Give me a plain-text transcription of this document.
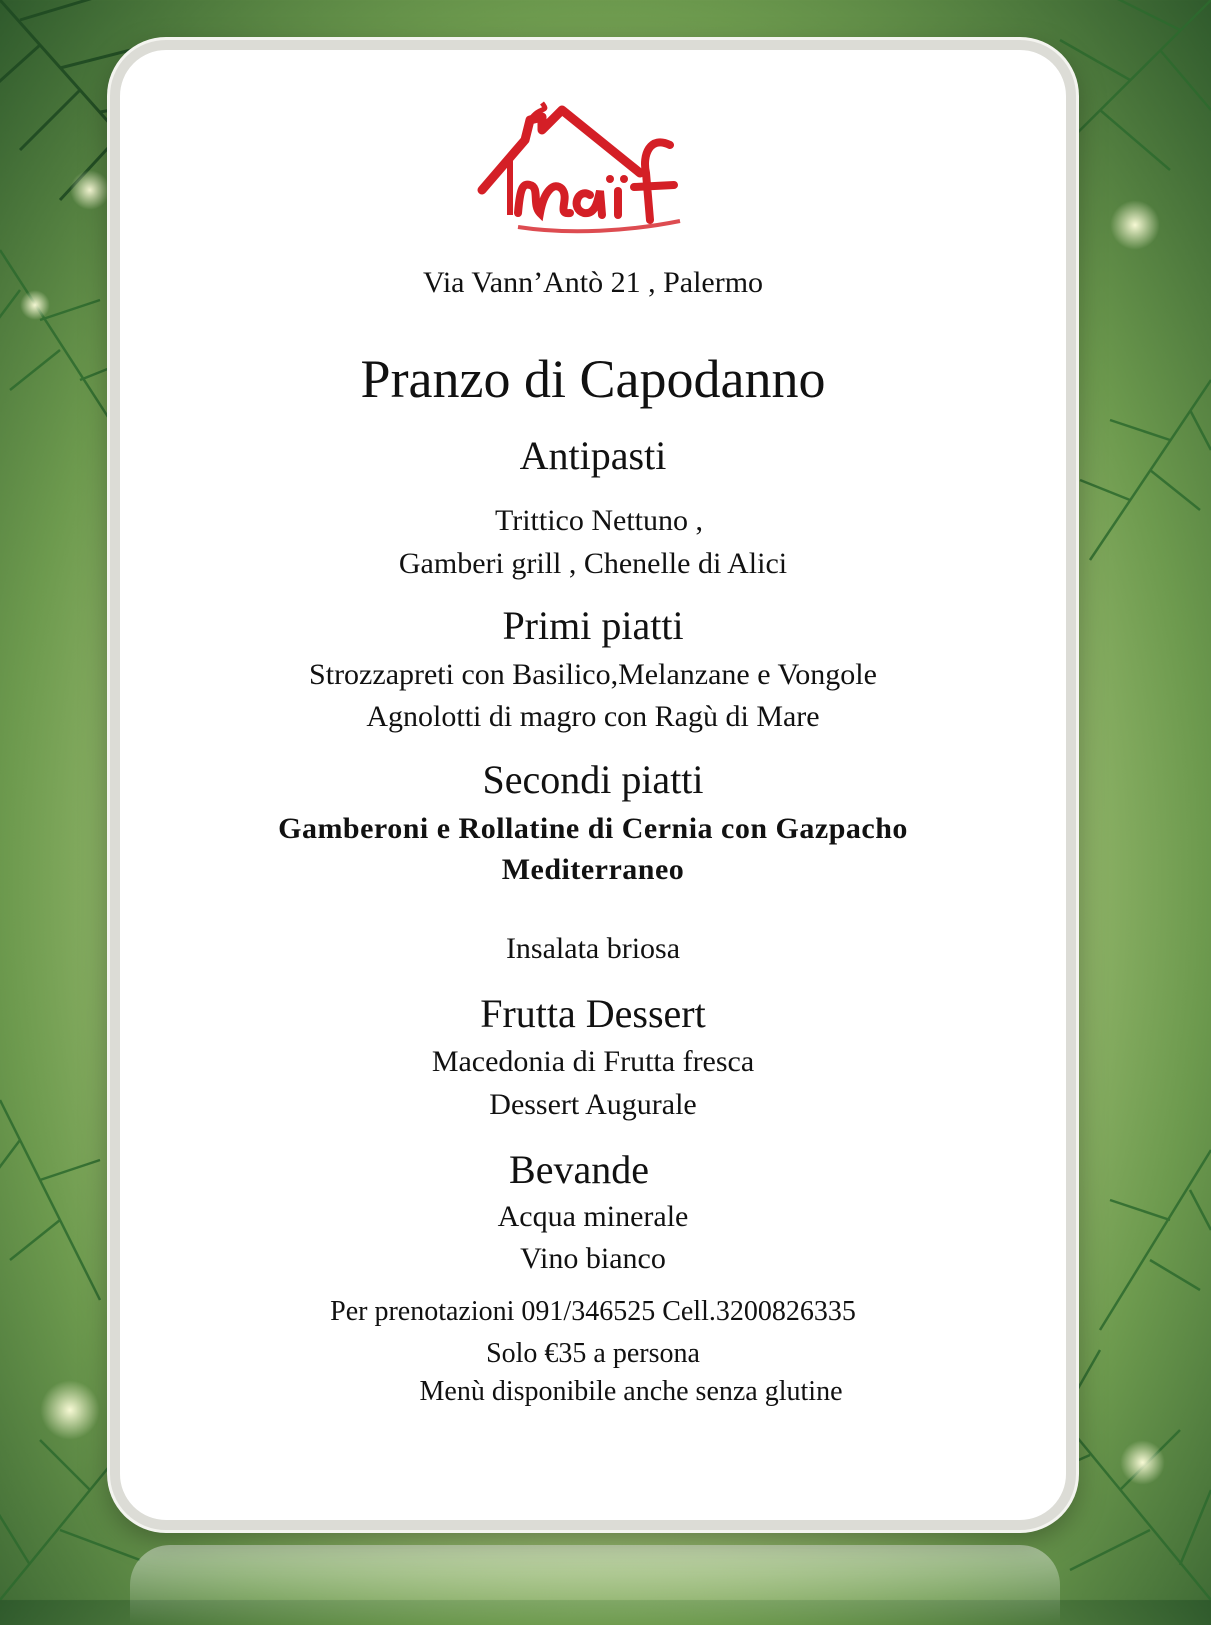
naïf
Via Vann’Antò 21 , Palermo
Pranzo di Capodanno
Antipasti
Trittico Nettuno ,
Gamberi grill , Chenelle di Alici
Primi piatti
Strozzapreti con Basilico,Melanzane e Vongole
Agnolotti di magro con Ragù di Mare
Secondi piatti
Gamberoni e Rollatine di Cernia con Gazpacho
Mediterraneo
Insalata briosa
Frutta Dessert
Macedonia di Frutta fresca
Dessert Augurale
Bevande
Acqua minerale
Vino bianco
Per prenotazioni 091/346525 Cell.3200826335
Solo €35 a persona
Menù disponibile anche senza glutine
